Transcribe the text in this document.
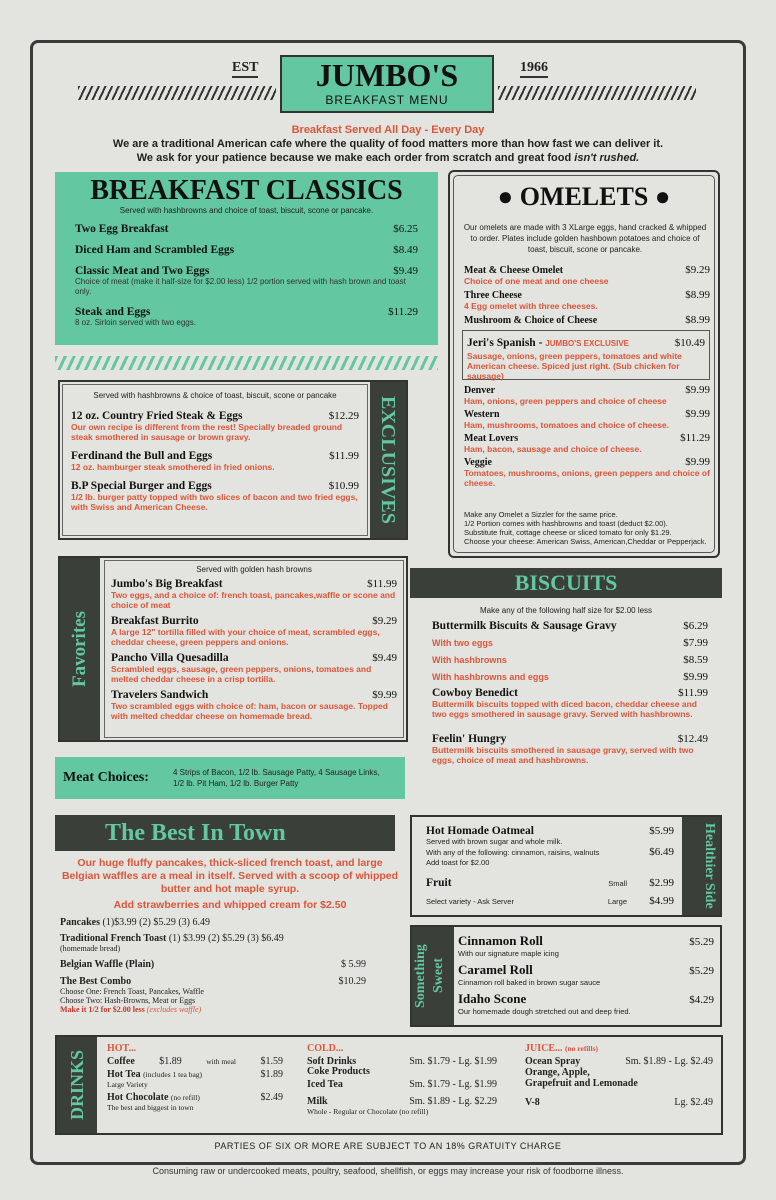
EST	1966
JUMBO'S
BREAKFAST MENU
Breakfast Served All Day - Every Day
We are a traditional American cafe where the quality of food matters more than how fast we can deliver it.
We ask for your patience because we make each order from scratch and great food isn't rushed.
BREAKFAST CLASSICS
Served with hashbrowns and choice of toast, biscuit, scone or pancake.
Two Egg Breakfast	$6.25
Diced Ham and Scrambled Eggs	$8.49
Classic Meat and Two Eggs	$9.49
Choice of meat (make it half-size for $2.00 less) 1/2 portion served with hash brown and toast only.
Steak and Eggs	$11.29
8 oz. Sirloin served with two eggs.
Served with hashbrowns & choice of toast, biscuit, scone or pancake
12 oz. Country Fried Steak & Eggs	$12.29
Our own recipe is different from the rest! Specially breaded ground steak smothered in sausage or brown gravy.
Ferdinand the Bull and Eggs	$11.99
12 oz. hamburger steak smothered in fried onions.
B.P Special Burger and Eggs	$10.99
1/2 lb. burger patty topped with two slices of bacon and two fried eggs, with Swiss and American Cheese.	EXCLUSIVES
Favorites
Served with golden hash browns
Jumbo's Big Breakfast	$11.99
Two eggs, and a choice of: french toast, pancakes,waffle or scone and choice of meat
Breakfast Burrito	$9.29
A large 12" tortilla filled with your choice of meat, scrambled eggs, cheddar cheese, green peppers and onions.
Pancho Villa Quesadilla	$9.49
Scrambled eggs, sausage, green peppers, onions, tomatoes and melted cheddar cheese in a crisp tortilla.
Travelers Sandwich	$9.99
Two scrambled eggs with choice of: ham, bacon or sausage. Topped with melted cheddar cheese on homemade bread.
Meat Choices:	4 Strips of Bacon, 1/2 lb. Sausage Patty, 4 Sausage Links,
1/2 lb. Pit Ham, 1/2 lb. Burger Patty
● OMELETS ●
Our omelets are made with 3 XLarge eggs, hand cracked & whipped to order. Plates include golden hashbown potatoes and choice of toast, biscuit, scone or pancake.
Meat & Cheese Omelet	$9.29
Choice of one meat and one cheese
Three Cheese	$8.99
4 Egg omelet with three cheeses.
Mushroom & Choice of Cheese	$8.99
Jeri's Spanish - JUMBO'S EXCLUSIVE	$10.49
Sausage, onions, green peppers, tomatoes and white American cheese. Spiced just right. (Sub chicken for sausage)
Denver	$9.99
Ham, onions, green peppers and choice of cheese
Western	$9.99
Ham, mushrooms, tomatoes and choice of cheese.
Meat Lovers	$11.29
Ham, bacon, sausage and choice of cheese.
Veggie	$9.99
Tomatoes, mushrooms, onions, green peppers and choice of cheese.
Make any Omelet a Sizzler for the same price.
1/2 Portion comes with hashbrowns and toast (deduct $2.00).
Substitute fruit, cottage cheese or sliced tomato for only $1.29.
Choose your cheese: American Swiss, American,Cheddar or Pepperjack.
BISCUITS
Make any of the following half size for $2.00 less
Buttermilk Biscuits & Sausage Gravy	$6.29
With two eggs	$7.99
With hashbrowns	$8.59
With hashbrowns and eggs	$9.99
Cowboy Benedict	$11.99
Buttermilk biscuits topped with diced bacon, cheddar cheese and two eggs smothered in sausage gravy. Served with hashbrowns.
Feelin' Hungry	$12.49
Buttermilk biscuits smothered in sausage gravy, served with two eggs, choice of meat and hashbrowns.
The Best In Town
Our huge fluffy pancakes, thick-sliced french toast, and large Belgian waffles are a meal in itself. Served with a scoop of whipped butter and hot maple syrup.
Add strawberries and whipped cream for $2.50
Pancakes (1)$3.99 (2) $5.29 (3) 6.49
Traditional French Toast (1) $3.99 (2) $5.29 (3) $6.49
(homemade bread)
Belgian Waffle (Plain)	$ 5.99
The Best Combo	$10.29
Choose One: French Toast, Pancakes, Waffle
Choose Two: Hash-Browns, Meat or Eggs
Make it 1/2 for $2.00 less (excludes waffle)
Hot Homade Oatmeal	$5.99
Served with brown sugar and whole milk.
With any of the following: cinnamon, raisins, walnuts	$6.49
Add toast for $2.00
Fruit	Small $2.99
Select variety - Ask Server	Large $4.99	Healthier Side
Something Sweet
Cinnamon Roll	$5.29
With our signature maple icing
Caramel Roll	$5.29
Cinnamon roll baked in brown sugar sauce
Idaho Scone	$4.29
Our homemade dough stretched out and deep fried.
DRINKS
HOT...
Coffee $1.89	with meal $1.59
Hot Tea (includes 1 tea bag)	$1.89
Large Variety
Hot Chocolate (no refill)	$2.49
The best and biggest in town
COLD...
Soft Drinks	Sm. $1.79 - Lg. $1.99
Coke Products
Iced Tea	Sm. $1.79 - Lg. $1.99
Milk	Sm. $1.89 - Lg. $2.29
Whole - Regular or Chocolate (no refill)
JUICE... (no refills)
Ocean Spray	Sm. $1.89 - Lg. $2.49
Orange, Apple,
Grapefruit and Lemonade
V-8	Lg. $2.49
PARTIES OF SIX OR MORE ARE SUBJECT TO AN 18% GRATUITY CHARGE
Consuming raw or undercooked meats, poultry, seafood, shellfish, or eggs may increase your risk of foodborne illness.
